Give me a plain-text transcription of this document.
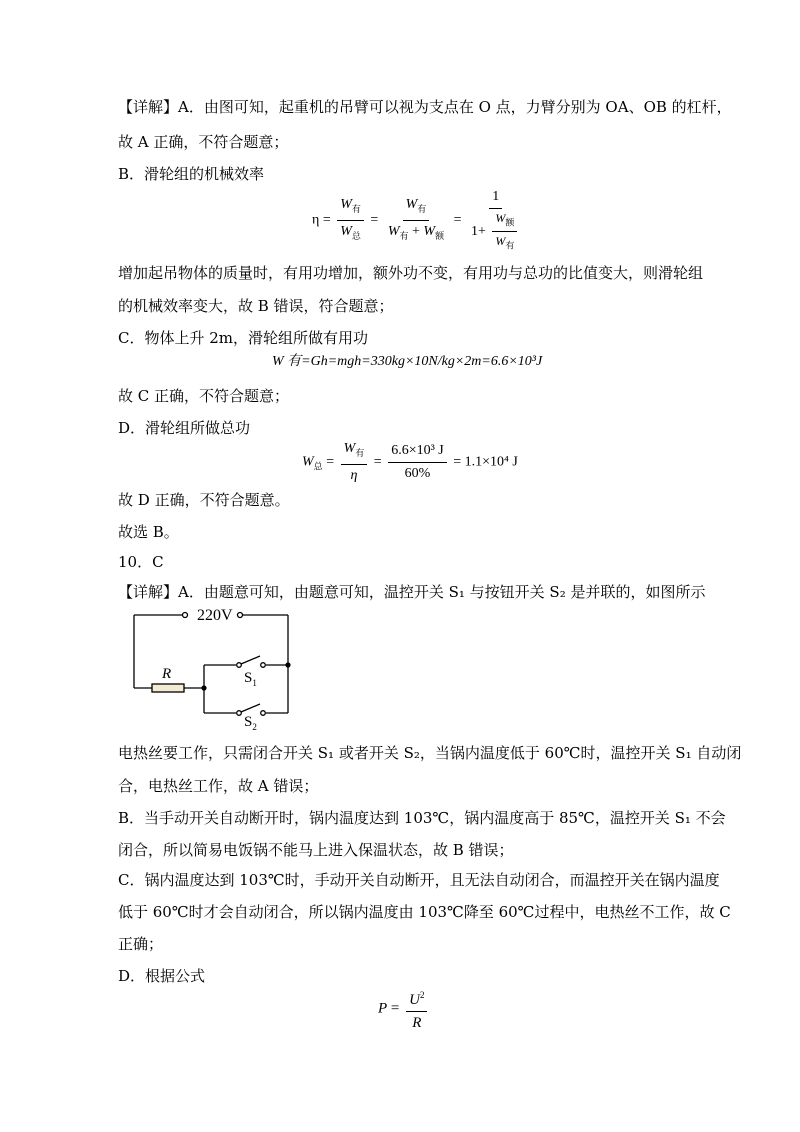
【详解】A．由图可知，起重机的吊臂可以视为支点在 O 点，力臂分别为 OA、OB 的杠杆，
故 A 正确，不符合题意；
B．滑轮组的机械效率
$\eta = \frac{W_有}{W_总} = \frac{W_有}{W_有 + W_额} = \frac{1}{1+ \frac{W_额}{W_有}}$
增加起吊物体的质量时，有用功增加，额外功不变，有用功与总功的比值变大，则滑轮组
的机械效率变大，故 B 错误，符合题意；
C．物体上升 2m，滑轮组所做有用功
W 有=Gh=mgh=330kg×10N/kg×2m=6.6×10³J
故 C 正确，不符合题意；
D．滑轮组所做总功
$W_总 = \frac{W_有}{\eta} = \frac{\text{6.6×10³ J}}{60\%} = 1.1\times 10^4$ J
故 D 正确，不符合题意。
故选 B。
10．C
【详解】A．由题意可知，由题意可知，温控开关 S₁ 与按钮开关 S₂ 是并联的，如图所示
220V
R	$S_1$
$S_2$
电热丝要工作，只需闭合开关 S₁ 或者开关 S₂，当锅内温度低于 60℃时，温控开关 S₁ 自动闭
合，电热丝工作，故 A 错误；
B．当手动开关自动断开时，锅内温度达到 103℃，锅内温度高于 85℃，温控开关 S₁ 不会
闭合，所以简易电饭锅不能马上进入保温状态，故 B 错误；
C．锅内温度达到 103℃时，手动开关自动断开，且无法自动闭合，而温控开关在锅内温度
低于 60℃时才会自动闭合，所以锅内温度由 103℃降至 60℃过程中，电热丝不工作，故 C
正确；
D．根据公式
$P = \frac{U^2}{R}$
